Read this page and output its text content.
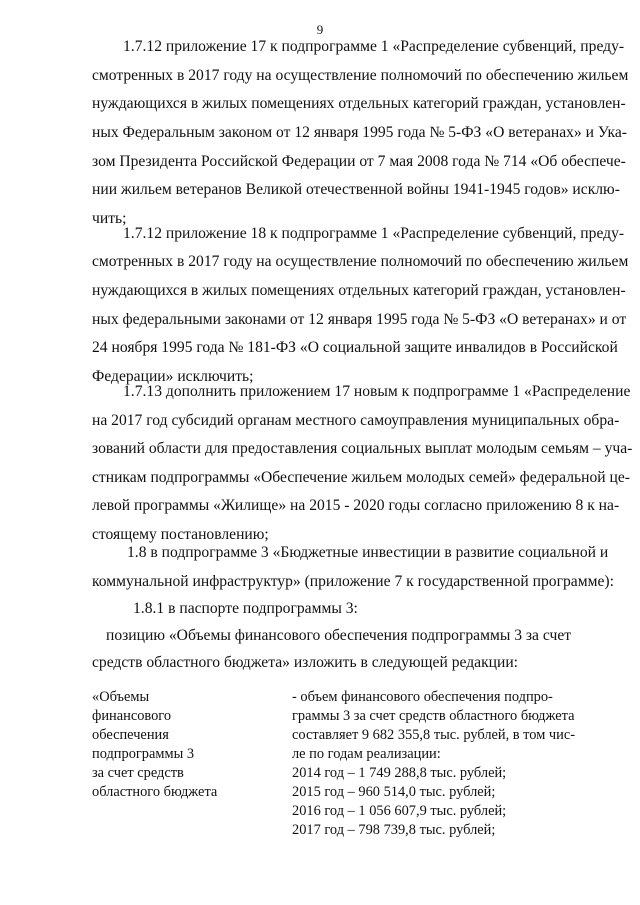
9
1.7.12 приложение 17 к подпрограмме 1 «Распределение субвенций, преду-
смотренных в 2017 году на осуществление полномочий по обеспечению жильем
нуждающихся в жилых помещениях отдельных категорий граждан, установлен-
ных Федеральным законом от 12 января 1995 года № 5-ФЗ «О ветеранах» и Ука-
зом Президента Российской Федерации от 7 мая 2008 года № 714 «Об обеспече-
нии жильем ветеранов Великой отечественной войны 1941-1945 годов» исклю-
чить;
1.7.12 приложение 18 к подпрограмме 1 «Распределение субвенций, преду-
смотренных в 2017 году на осуществление полномочий по обеспечению жильем
нуждающихся в жилых помещениях отдельных категорий граждан, установлен-
ных федеральными законами от 12 января 1995 года № 5-ФЗ «О ветеранах» и от
24 ноября 1995 года № 181-ФЗ «О социальной защите инвалидов в Российской
Федерации» исключить;
1.7.13 дополнить приложением 17 новым к подпрограмме 1 «Распределение
на 2017 год субсидий органам местного самоуправления муниципальных обра-
зований области для предоставления социальных выплат молодым семьям – уча-
стникам подпрограммы «Обеспечение жильем молодых семей» федеральной це-
левой программы «Жилище» на 2015 - 2020 годы согласно приложению 8 к на-
стоящему постановлению;
1.8 в подпрограмме 3 «Бюджетные инвестиции в развитие социальной и
коммунальной инфраструктур» (приложение 7 к государственной программе):
1.8.1 в паспорте подпрограммы 3:
позицию «Объемы финансового обеспечения подпрограммы 3 за счет
средств областного бюджета» изложить в следующей редакции:
«Объемы
финансового
обеспечения
подпрограммы 3
за счет средств
областного бюджета
- объем финансового обеспечения подпро-
граммы 3 за счет средств областного бюджета
составляет 9 682 355,8 тыс. рублей, в том чис-
ле по годам реализации:
2014 год – 1 749 288,8 тыс. рублей;
2015 год – 960 514,0 тыс. рублей;
2016 год – 1 056 607,9 тыс. рублей;
2017 год – 798 739,8 тыс. рублей;
